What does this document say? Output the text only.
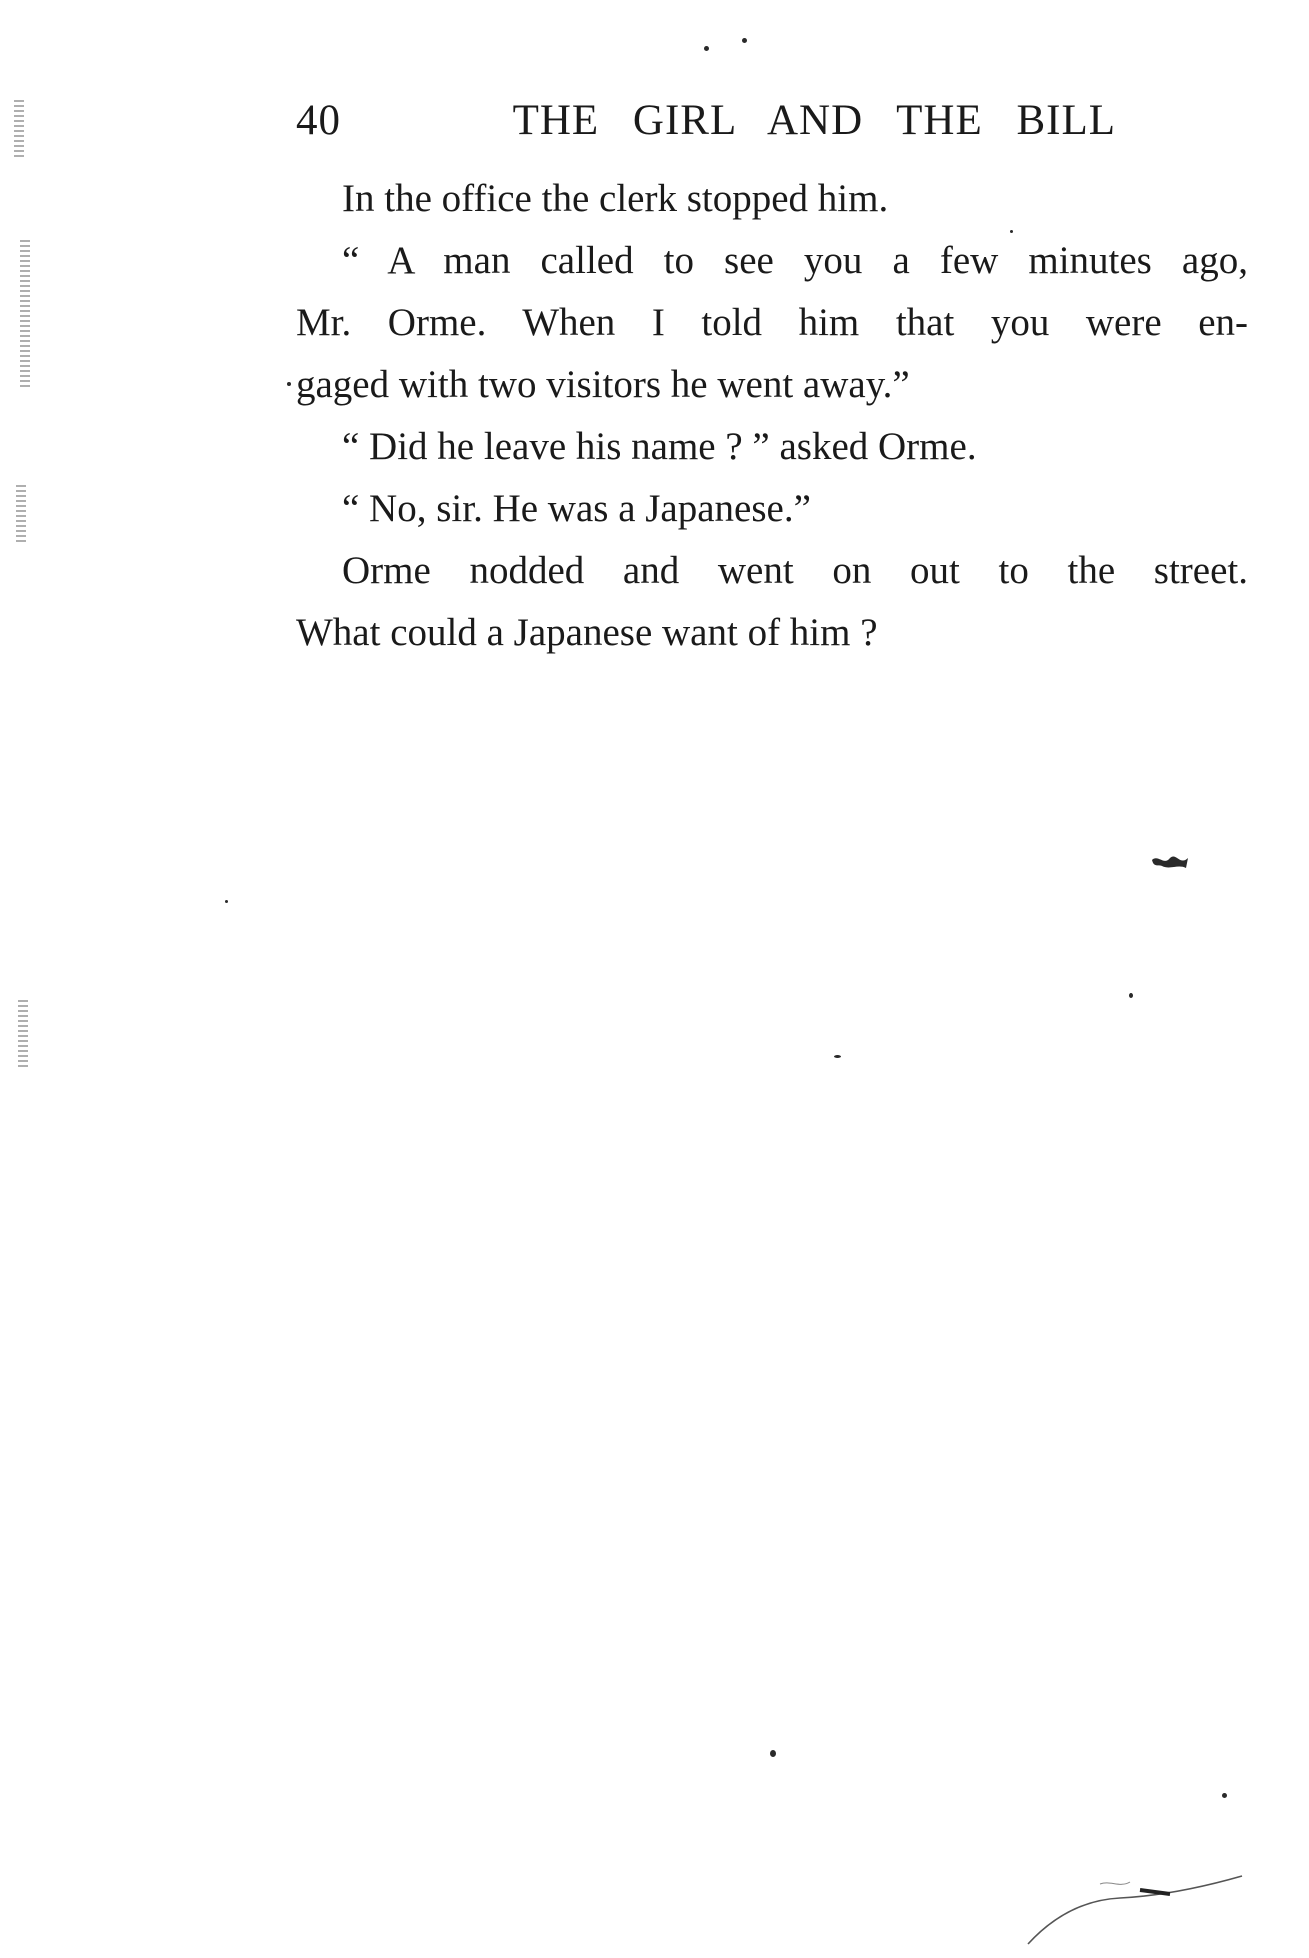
40	THE GIRL AND THE BILL
In the office the clerk stopped him.
“ A man called to see you a few minutes ago,
Mr. Orme. When I told him that you were en-
gaged with two visitors he went away.”
“ Did he leave his name ? ” asked Orme.
“ No, sir. He was a Japanese.”
Orme nodded and went on out to the street.
What could a Japanese want of him ?
